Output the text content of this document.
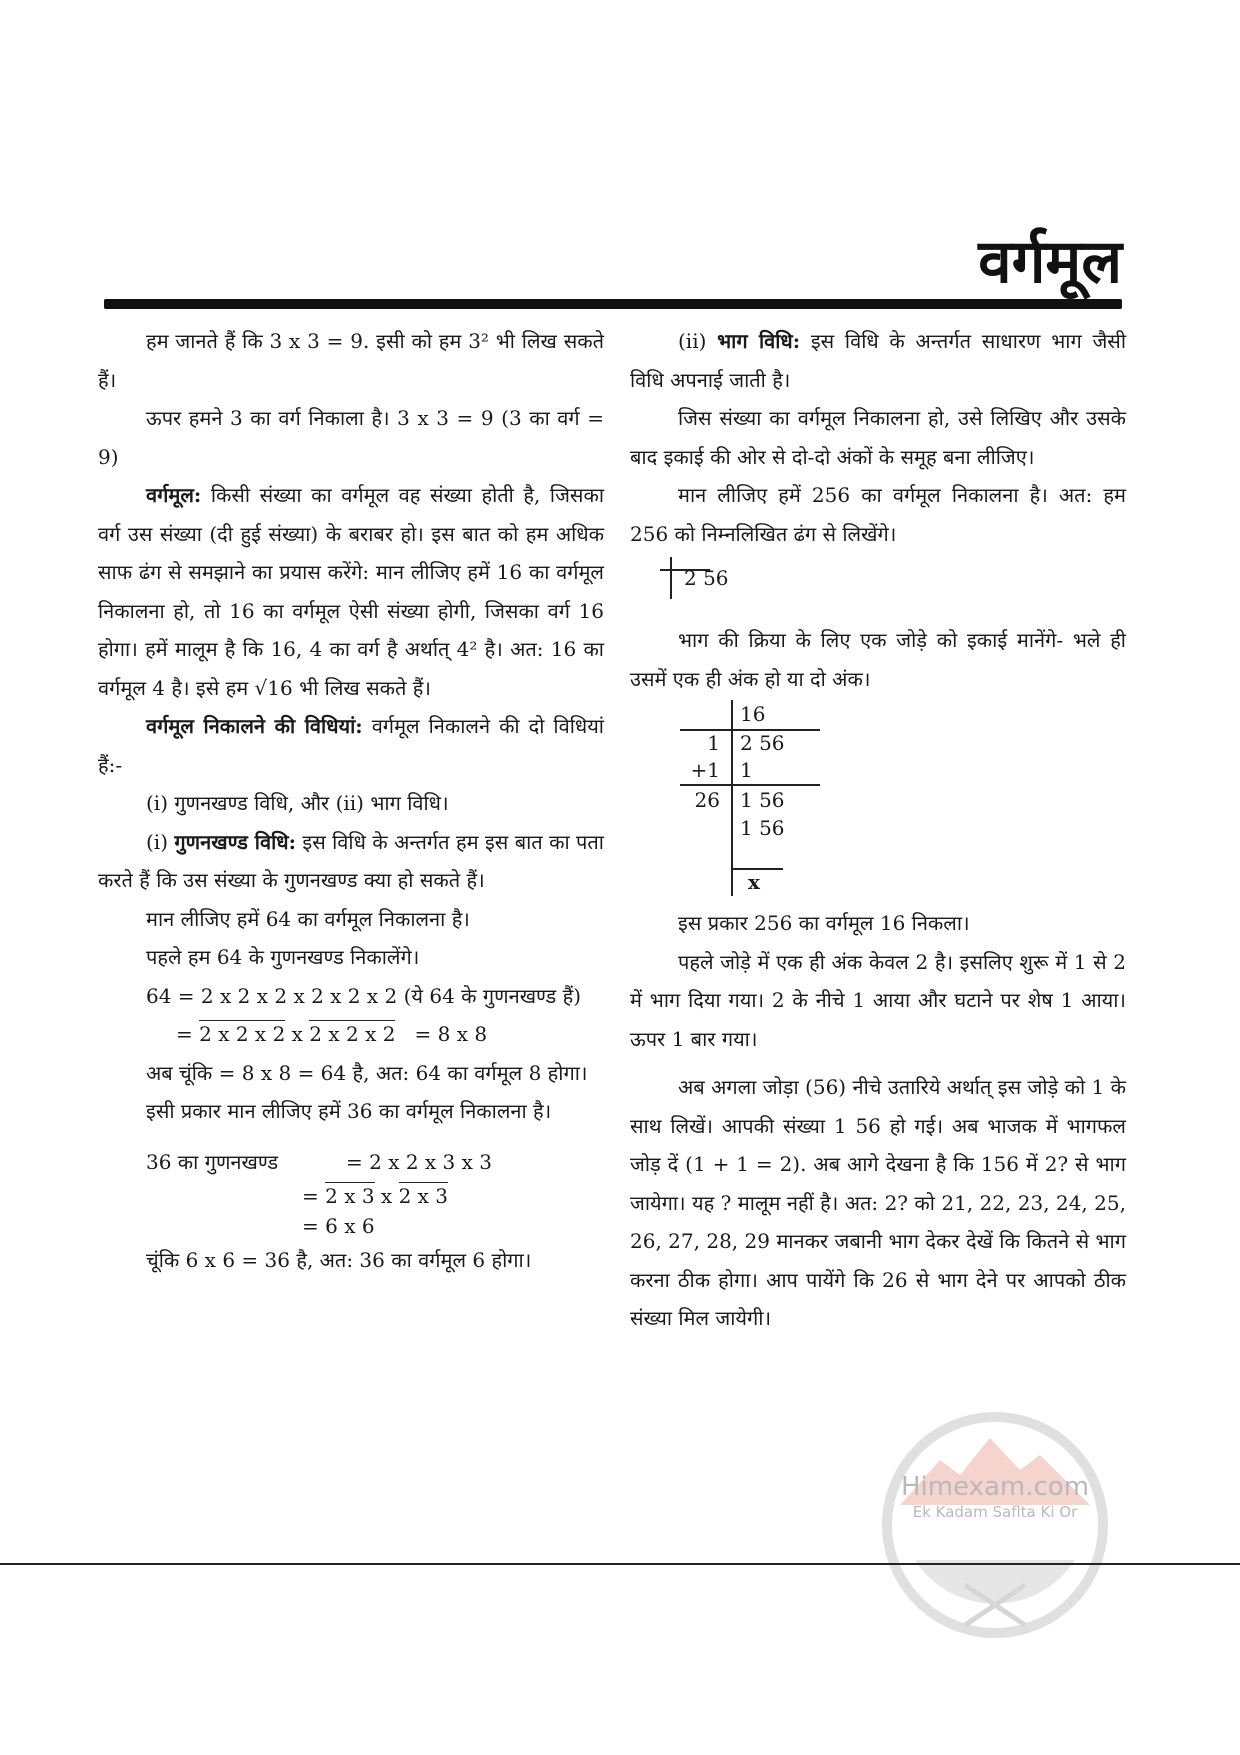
वर्गमूल

हम जानते हैं कि 3 x 3 = 9. इसी को हम 3² भी लिख सकते हैं।

ऊपर हमने 3 का वर्ग निकाला है। 3 x 3 = 9 (3 का वर्ग = 9)

वर्गमूल: किसी संख्या का वर्गमूल वह संख्या होती है, जिसका वर्ग उस संख्या (दी हुई संख्या) के बराबर हो। इस बात को हम अधिक साफ ढंग से समझाने का प्रयास करेंगे: मान लीजिए हमें 16 का वर्गमूल निकालना हो, तो 16 का वर्गमूल ऐसी संख्या होगी, जिसका वर्ग 16 होगा। हमें मालूम है कि 16, 4 का वर्ग है अर्थात् 4² है। अत: 16 का वर्गमूल 4 है। इसे हम √16 भी लिख सकते हैं।

वर्गमूल निकालने की विधियां: वर्गमूल निकालने की दो विधियां हैं:-

(i) गुणनखण्ड विधि, और (ii) भाग विधि।

(i) गुणनखण्ड विधि: इस विधि के अन्तर्गत हम इस बात का पता करते हैं कि उस संख्या के गुणनखण्ड क्या हो सकते हैं।

मान लीजिए हमें 64 का वर्गमूल निकालना है।

पहले हम 64 के गुणनखण्ड निकालेंगे।

64 = 2 x 2 x 2 x 2 x 2 x 2 (ये 64 के गुणनखण्ड हैं)

= 2 x 2 x 2 x 2 x 2 x 2   = 8 x 8

अब चूंकि = 8 x 8 = 64 है, अत: 64 का वर्गमूल 8 होगा।

इसी प्रकार मान लीजिए हमें 36 का वर्गमूल निकालना है।

36 का गुणनखण्ड	= 2 x 2 x 3 x 3

= 2 x 3 x 2 x 3

= 6 x 6

चूंकि 6 x 6 = 36 है, अत: 36 का वर्गमूल 6 होगा।

(ii) भाग विधि: इस विधि के अन्तर्गत साधारण भाग जैसी विधि अपनाई जाती है।

जिस संख्या का वर्गमूल निकालना हो, उसे लिखिए और उसके बाद इकाई की ओर से दो-दो अंकों के समूह बना लीजिए।

मान लीजिए हमें 256 का वर्गमूल निकालना है। अत: हम 256 को निम्नलिखित ढंग से लिखेंगे।

2 56

भाग की क्रिया के लिए एक जोड़े को इकाई मानेंगे- भले ही उसमें एक ही अंक हो या दो अंक।

16
1 2 56
+1 1
26 1 56
1 56
x

इस प्रकार 256 का वर्गमूल 16 निकला।

पहले जोड़े में एक ही अंक केवल 2 है। इसलिए शुरू में 1 से 2 में भाग दिया गया। 2 के नीचे 1 आया और घटाने पर शेष 1 आया। ऊपर 1 बार गया।

अब अगला जोड़ा (56) नीचे उतारिये अर्थात् इस जोड़े को 1 के साथ लिखें। आपकी संख्या 1 56 हो गई। अब भाजक में भागफल जोड़ दें (1 + 1 = 2). अब आगे देखना है कि 156 में 2? से भाग जायेगा। यह ? मालूम नहीं है। अत: 2? को 21, 22, 23, 24, 25, 26, 27, 28, 29 मानकर जबानी भाग देकर देखें कि कितने से भाग करना ठीक होगा। आप पायेंगे कि 26 से भाग देने पर आपको ठीक संख्या मिल जायेगी।

Himexam.com
Ek Kadam Saflta Ki Or
